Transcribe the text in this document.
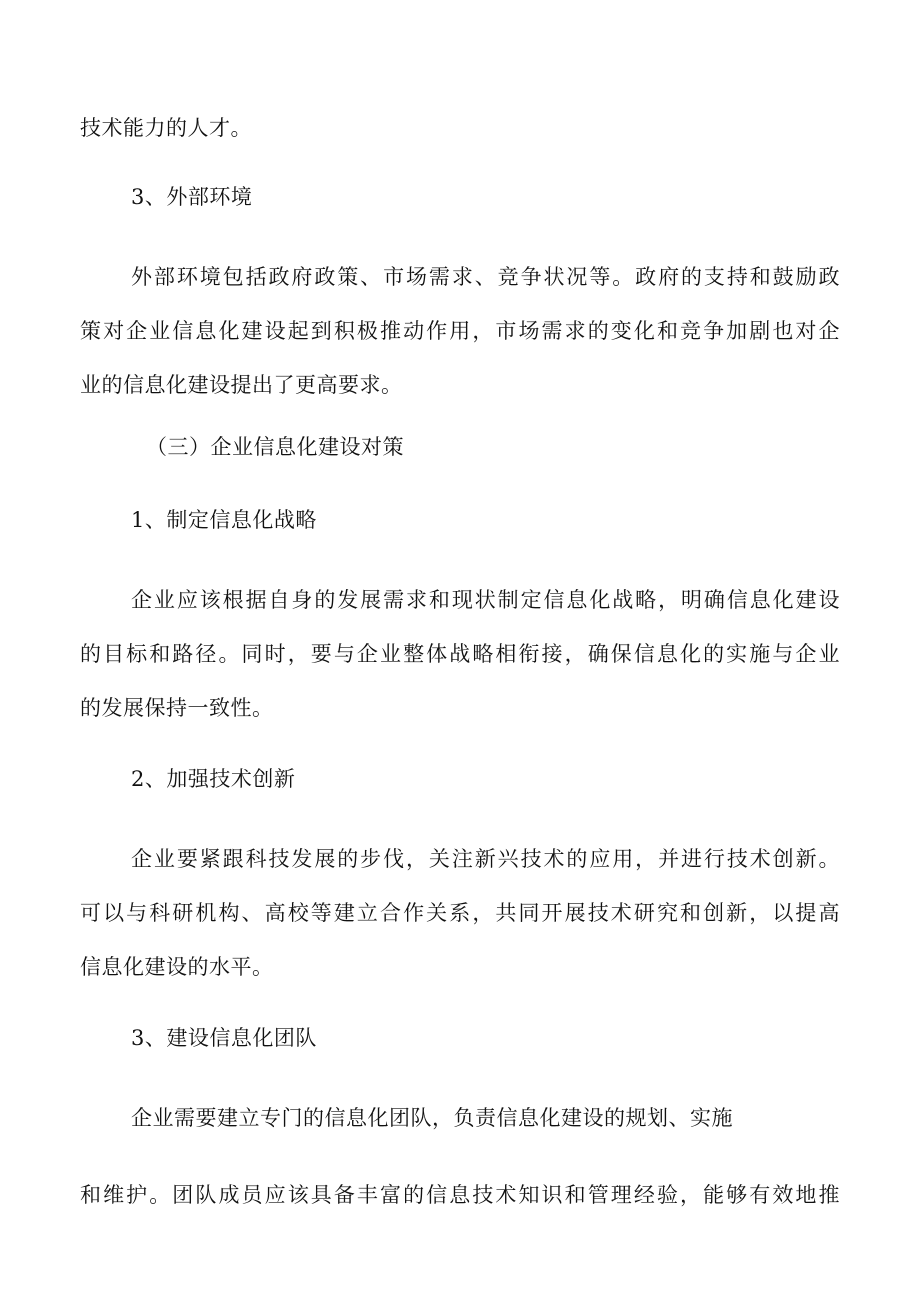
技术能力的人才。
3、外部环境
外部环境包括政府政策、市场需求、竞争状况等。政府的支持和鼓励政
策对企业信息化建设起到积极推动作用，市场需求的变化和竞争加剧也对企
业的信息化建设提出了更高要求。
（三）企业信息化建设对策
1、制定信息化战略
企业应该根据自身的发展需求和现状制定信息化战略，明确信息化建设
的目标和路径。同时，要与企业整体战略相衔接，确保信息化的实施与企业
的发展保持一致性。
2、加强技术创新
企业要紧跟科技发展的步伐，关注新兴技术的应用，并进行技术创新。
可以与科研机构、高校等建立合作关系，共同开展技术研究和创新，以提高
信息化建设的水平。
3、建设信息化团队
企业需要建立专门的信息化团队，负责信息化建设的规划、实施
和维护。团队成员应该具备丰富的信息技术知识和管理经验，能够有效地推
